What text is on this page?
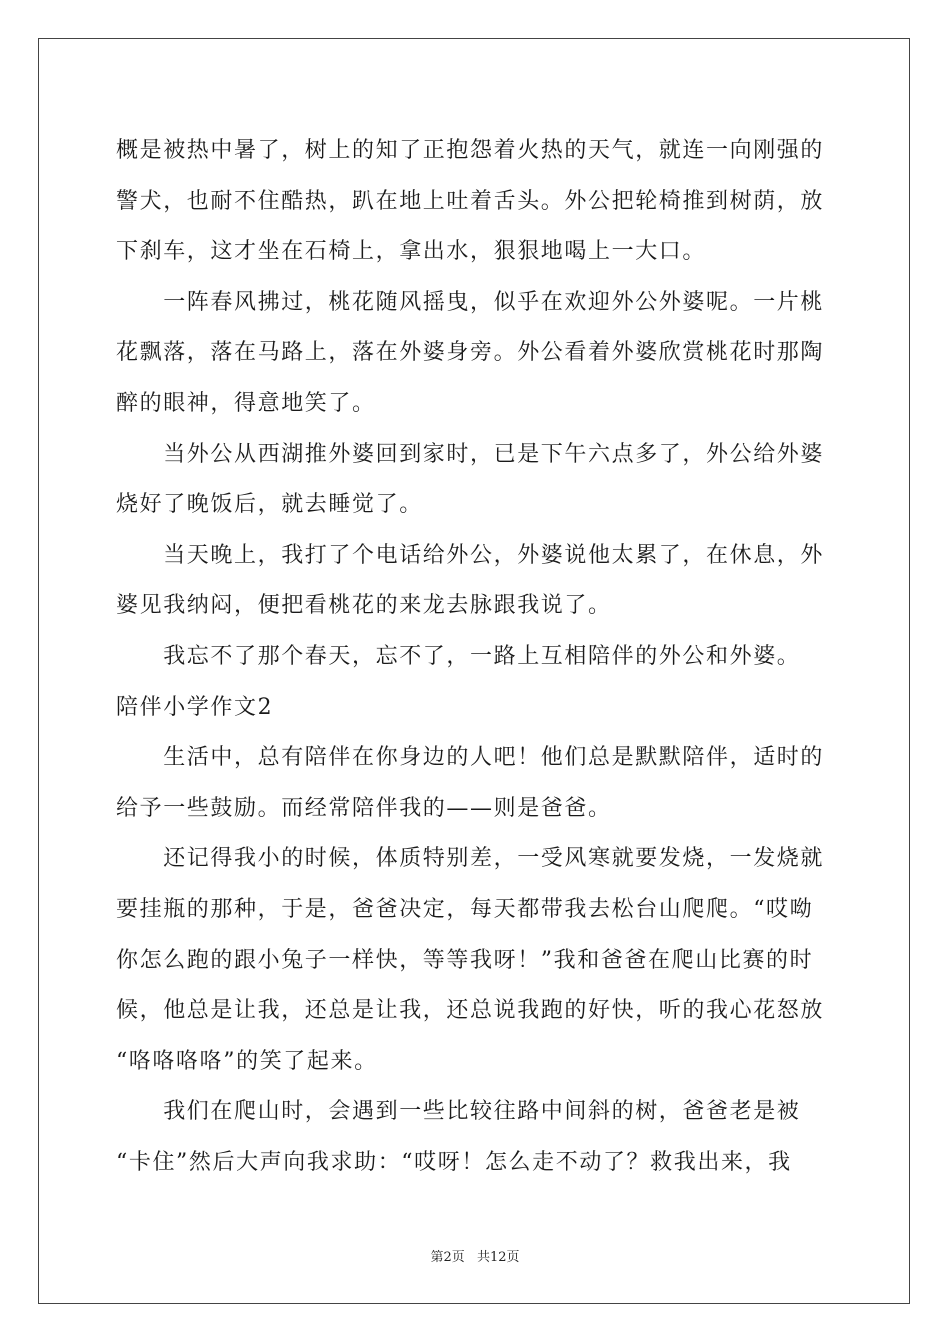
概是被热中暑了，树上的知了正抱怨着火热的天气，就连一向刚强的
警犬，也耐不住酷热，趴在地上吐着舌头。外公把轮椅推到树荫，放
下刹车，这才坐在石椅上，拿出水，狠狠地喝上一大口。
　　一阵春风拂过，桃花随风摇曳，似乎在欢迎外公外婆呢。一片桃
花飘落，落在马路上，落在外婆身旁。外公看着外婆欣赏桃花时那陶
醉的眼神，得意地笑了。
　　当外公从西湖推外婆回到家时，已是下午六点多了，外公给外婆
烧好了晚饭后，就去睡觉了。
　　当天晚上，我打了个电话给外公，外婆说他太累了，在休息，外
婆见我纳闷，便把看桃花的来龙去脉跟我说了。
　　我忘不了那个春天，忘不了，一路上互相陪伴的外公和外婆。
陪伴小学作文2
　　生活中，总有陪伴在你身边的人吧！他们总是默默陪伴，适时的
给予一些鼓励。而经常陪伴我的——则是爸爸。
　　还记得我小的时候，体质特别差，一受风寒就要发烧，一发烧就
要挂瓶的那种，于是，爸爸决定，每天都带我去松台山爬爬。“哎呦
你怎么跑的跟小兔子一样快，等等我呀！”我和爸爸在爬山比赛的时
候，他总是让我，还总是让我，还总说我跑的好快，听的我心花怒放
“咯咯咯咯”的笑了起来。
　　我们在爬山时，会遇到一些比较往路中间斜的树，爸爸老是被
“卡住”然后大声向我求助：“哎呀！怎么走不动了？救我出来，我
第2页 共12页
